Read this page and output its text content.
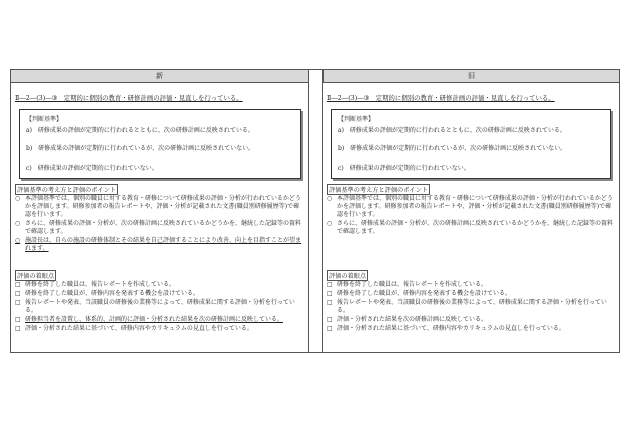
新	旧
Ⅱ―2―(3)―③　定期的に個別の教育・研修計画の評価・見直しを行っている。
【判断基準】
a)　研修成果の評価が定期的に行われるとともに、次の研修計画に反映されている。
b)　研修成果の評価が定期的に行われているが、次の研修計画に反映されていない。
c)　研修成果の評価が定期的に行われていない。
評価基準の考え方と評価のポイント
○ 本評価基準では、個別の職員に対する教育・研修について研修成果の評価・分析が行われているかどうかを評価します。研修参加者の報告レポートや、評価・分析が記載された文書(職員別研修履歴等)で確認を行います。
○ さらに、研修成果の評価・分析が、次の研修計画に反映されているかどうかを、継続した記録等の資料で確認します。
○ 施設長は、自らの施設の研修体制とその結果を自己評価することにより改善、向上を目指すことが望まれます。
評価の着眼点
□ 研修を終了した職員は、報告レポートを作成している。
□ 研修を終了した職員が、研修内容を発表する機会を設けている。
□ 報告レポートや発表、当該職員の研修後の業務等によって、研修成果に関する評価・分析を行っている。
□ 研修担当者を設置し、体系的、計画的に評価・分析された結果を次の研修計画に反映している。
□ 評価・分析された結果に基づいて、研修内容やカリキュラムの見直しを行っている。
Ⅱ―2―(3)―③　定期的に個別の教育・研修計画の評価・見直しを行っている。
【判断基準】
a)　研修成果の評価が定期的に行われるとともに、次の研修計画に反映されている。
b)　研修成果の評価が定期的に行われているが、次の研修計画に反映されていない。
c)　研修成果の評価が定期的に行われていない。
評価基準の考え方と評価のポイント
○ 本評価基準では、個別の職員に対する教育・研修について研修成果の評価・分析が行われているかどうかを評価します。研修参加者の報告レポートや、評価・分析が記載された文書(職員別研修履歴等)で確認を行います。
○ さらに、研修成果の評価・分析が、次の研修計画に反映されているかどうかを、継続した記録等の資料で確認します。
評価の着眼点
□ 研修を終了した職員は、報告レポートを作成している。
□ 研修を終了した職員が、研修内容を発表する機会を設けている。
□ 報告レポートや発表、当該職員の研修後の業務等によって、研修成果に関する評価・分析を行っている。
□ 評価・分析された結果を次の研修計画に反映している。
□ 評価・分析された結果に基づいて、研修内容やカリキュラムの見直しを行っている。
